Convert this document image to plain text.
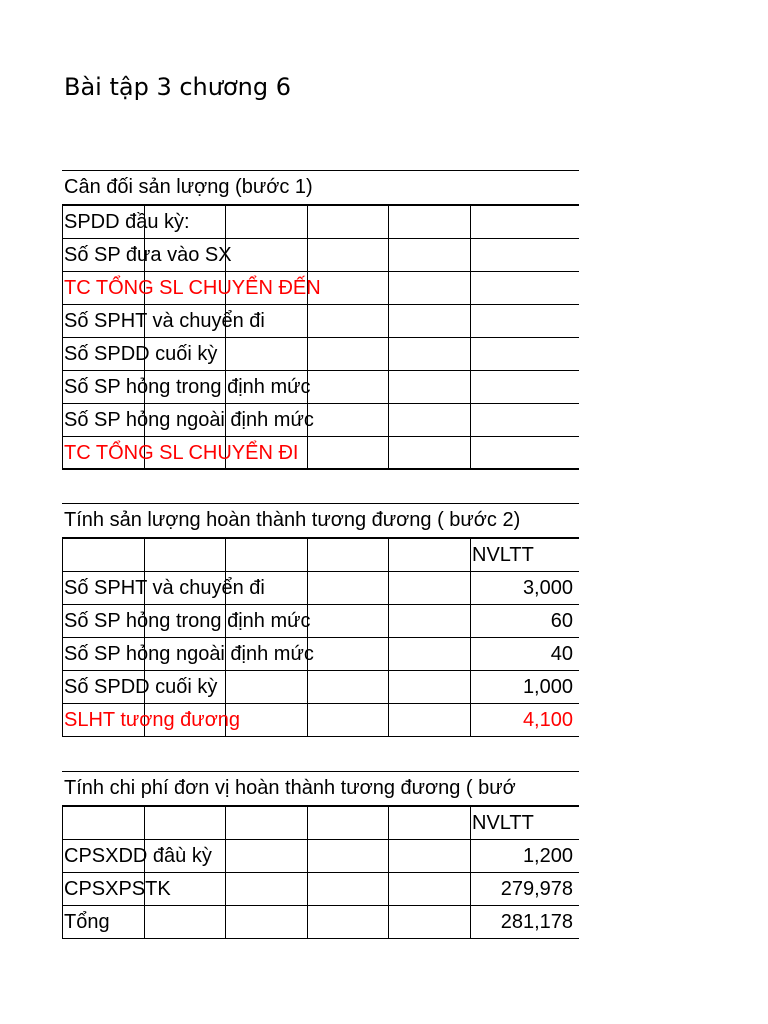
Bài tập 3 chương 6
Cân đối sản lượng (bước 1)
SPDD đầu kỳ:
Số SP đưa vào SX
TC TỔNG SL CHUYỂN ĐẾN
Số SPHT và chuyển đi
Số SPDD cuối kỳ
Số SP hỏng trong định mức
Số SP hỏng ngoài định mức
TC TỔNG SL CHUYỂN ĐI
Tính sản lượng hoàn thành tương đương ( bước 2)
NVLTT
Số SPHT và chuyển đi	3,000
Số SP hỏng trong định mức	60
Số SP hỏng ngoài định mức	40
Số SPDD cuối kỳ	1,000
SLHT tương đương	4,100
Tính chi phí đơn vị hoàn thành tương đương ( bướ
NVLTT
CPSXDD đâù kỳ	1,200
CPSXPSTK	279,978
Tổng	281,178
